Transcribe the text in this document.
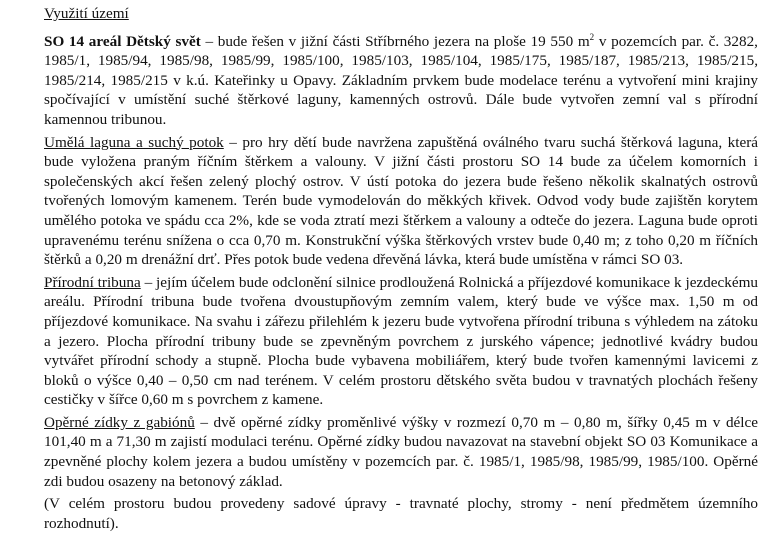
Využití území
SO 14 areál Dětský svět – bude řešen v jižní části Stříbrného jezera na ploše 19 550 $m^2$ v pozemcích par. č. 3282, 1985/1, 1985/94, 1985/98, 1985/99, 1985/100, 1985/103, 1985/104, 1985/175, 1985/187, 1985/213, 1985/215, 1985/214, 1985/215 v k.ú. Kateřinky u Opavy. Základním prvkem bude modelace terénu a vytvoření mini krajiny spočívající v umístění suché štěrkové laguny, kamenných ostrovů. Dále bude vytvořen zemní val s přírodní kamennou tribunou.
Umělá laguna a suchý potok – pro hry dětí bude navržena zapuštěná oválného tvaru suchá štěrková laguna, která bude vyložena praným říčním štěrkem a valouny. V jižní části prostoru SO 14 bude za účelem komorních i společenských akcí řešen zelený plochý ostrov. V ústí potoka do jezera bude řešeno několik skalnatých ostrovů tvořených lomovým kamenem. Terén bude vymodelován do měkkých křivek. Odvod vody bude zajištěn korytem umělého potoka ve spádu cca 2%, kde se voda ztratí mezi štěrkem a valouny a odteče do jezera. Laguna bude oproti upravenému terénu snížena o cca 0,70 m. Konstrukční výška štěrkových vrstev bude 0,40 m; z toho 0,20 m říčních štěrků a 0,20 m drenážní drť. Přes potok bude vedena dřevěná lávka, která bude umístěna v rámci SO 03.
Přírodní tribuna – jejím účelem bude odclonění silnice prodloužená Rolnická a příjezdové komunikace k jezdeckému areálu. Přírodní tribuna bude tvořena dvoustupňovým zemním valem, který bude ve výšce max. 1,50 m od příjezdové komunikace. Na svahu i zářezu přilehlém k jezeru bude vytvořena přírodní tribuna s výhledem na zátoku a jezero. Plocha přírodní tribuny bude se zpevněným povrchem z jurského vápence; jednotlivé kvádry budou vytvářet přírodní schody a stupně. Plocha bude vybavena mobiliářem, který bude tvořen kamennými lavicemi z bloků o výšce 0,40 – 0,50 cm nad terénem. V celém prostoru dětského světa budou v travnatých plochách řešeny cestičky v šířce 0,60 m s povrchem z kamene.
Opěrné zídky z gabiónů – dvě opěrné zídky proměnlivé výšky v rozmezí 0,70 m – 0,80 m, šířky 0,45 m v délce 101,40 m a 71,30 m zajistí modulaci terénu. Opěrné zídky budou navazovat na stavební objekt SO 03 Komunikace a zpevněné plochy kolem jezera a budou umístěny v pozemcích par. č. 1985/1, 1985/98, 1985/99, 1985/100. Opěrné zdi budou osazeny na betonový základ.
(V celém prostoru budou provedeny sadové úpravy - travnaté plochy, stromy - není předmětem územního rozhodnutí).
